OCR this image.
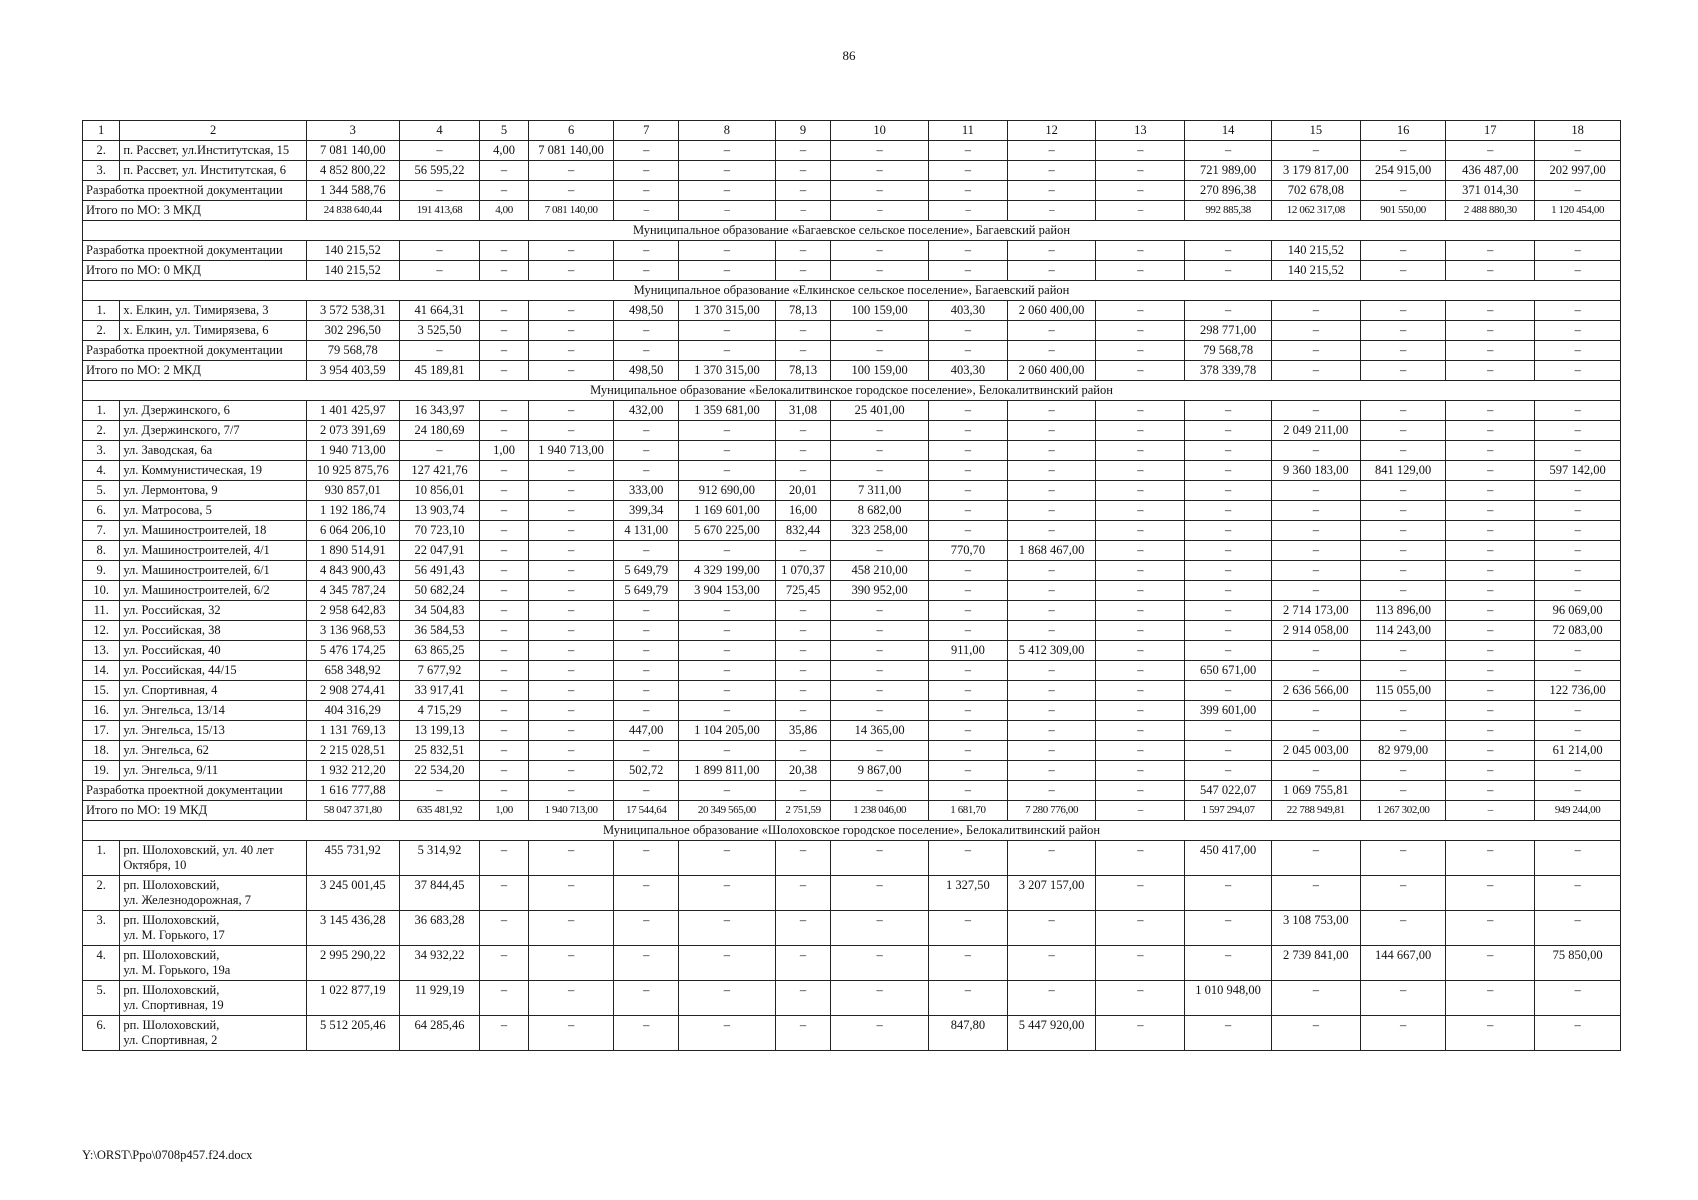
86
1	2	3	4	5	6	7	8	9	10	11	12	13	14	15	16	17	18
2.	п. Рассвет, ул.Институтская, 15	7 081 140,00	–	4,00	7 081 140,00	–	–	–	–	–	–	–	–	–	–	–	–
3.	п. Рассвет, ул. Институтская, 6	4 852 800,22	56 595,22	–	–	–	–	–	–	–	–	–	721 989,00	3 179 817,00	254 915,00	436 487,00	202 997,00
Разработка проектной документации		1 344 588,76	–	–	–	–	–	–	–	–	–	–	270 896,38	702 678,08	–	371 014,30	–
Итого по МО: 3 МКД		24 838 640,44	191 413,68	4,00	7 081 140,00	–	–	–	–	–	–	–	992 885,38	12 062 317,08	901 550,00	2 488 880,30	1 120 454,00
Муниципальное образование «Багаевское сельское поселение», Багаевский район																	
Разработка проектной документации		140 215,52	–	–	–	–	–	–	–	–	–	–	–	140 215,52	–	–	–
Итого по МО: 0 МКД		140 215,52	–	–	–	–	–	–	–	–	–	–	–	140 215,52	–	–	–
Муниципальное образование «Елкинское сельское поселение», Багаевский район																	
1.	х. Елкин, ул. Тимирязева, 3	3 572 538,31	41 664,31	–	–	498,50	1 370 315,00	78,13	100 159,00	403,30	2 060 400,00	–	–	–	–	–	–
2.	х. Елкин, ул. Тимирязева, 6	302 296,50	3 525,50	–	–	–	–	–	–	–	–	–	298 771,00	–	–	–	–
Разработка проектной документации		79 568,78	–	–	–	–	–	–	–	–	–	–	79 568,78	–	–	–	–
Итого по МО: 2 МКД		3 954 403,59	45 189,81	–	–	498,50	1 370 315,00	78,13	100 159,00	403,30	2 060 400,00	–	378 339,78	–	–	–	–
Муниципальное образование «Белокалитвинское городское поселение», Белокалитвинский район																	
1.	ул. Дзержинского, 6	1 401 425,97	16 343,97	–	–	432,00	1 359 681,00	31,08	25 401,00	–	–	–	–	–	–	–	–
2.	ул. Дзержинского, 7/7	2 073 391,69	24 180,69	–	–	–	–	–	–	–	–	–	–	2 049 211,00	–	–	–
3.	ул. Заводская, 6а	1 940 713,00	–	1,00	1 940 713,00	–	–	–	–	–	–	–	–	–	–	–	–
4.	ул. Коммунистическая, 19	10 925 875,76	127 421,76	–	–	–	–	–	–	–	–	–	–	9 360 183,00	841 129,00	–	597 142,00
5.	ул. Лермонтова, 9	930 857,01	10 856,01	–	–	333,00	912 690,00	20,01	7 311,00	–	–	–	–	–	–	–	–
6.	ул. Матросова, 5	1 192 186,74	13 903,74	–	–	399,34	1 169 601,00	16,00	8 682,00	–	–	–	–	–	–	–	–
7.	ул. Машиностроителей, 18	6 064 206,10	70 723,10	–	–	4 131,00	5 670 225,00	832,44	323 258,00	–	–	–	–	–	–	–	–
8.	ул. Машиностроителей, 4/1	1 890 514,91	22 047,91	–	–	–	–	–	–	770,70	1 868 467,00	–	–	–	–	–	–
9.	ул. Машиностроителей, 6/1	4 843 900,43	56 491,43	–	–	5 649,79	4 329 199,00	1 070,37	458 210,00	–	–	–	–	–	–	–	–
10.	ул. Машиностроителей, 6/2	4 345 787,24	50 682,24	–	–	5 649,79	3 904 153,00	725,45	390 952,00	–	–	–	–	–	–	–	–
11.	ул. Российская, 32	2 958 642,83	34 504,83	–	–	–	–	–	–	–	–	–	–	2 714 173,00	113 896,00	–	96 069,00
12.	ул. Российская, 38	3 136 968,53	36 584,53	–	–	–	–	–	–	–	–	–	–	2 914 058,00	114 243,00	–	72 083,00
13.	ул. Российская, 40	5 476 174,25	63 865,25	–	–	–	–	–	–	911,00	5 412 309,00	–	–	–	–	–	–
14.	ул. Российская, 44/15	658 348,92	7 677,92	–	–	–	–	–	–	–	–	–	650 671,00	–	–	–	–
15.	ул. Спортивная, 4	2 908 274,41	33 917,41	–	–	–	–	–	–	–	–	–	–	2 636 566,00	115 055,00	–	122 736,00
16.	ул. Энгельса, 13/14	404 316,29	4 715,29	–	–	–	–	–	–	–	–	–	399 601,00	–	–	–	–
17.	ул. Энгельса, 15/13	1 131 769,13	13 199,13	–	–	447,00	1 104 205,00	35,86	14 365,00	–	–	–	–	–	–	–	–
18.	ул. Энгельса, 62	2 215 028,51	25 832,51	–	–	–	–	–	–	–	–	–	–	2 045 003,00	82 979,00	–	61 214,00
19.	ул. Энгельса, 9/11	1 932 212,20	22 534,20	–	–	502,72	1 899 811,00	20,38	9 867,00	–	–	–	–	–	–	–	–
Разработка проектной документации		1 616 777,88	–	–	–	–	–	–	–	–	–	–	547 022,07	1 069 755,81	–	–	–
Итого по МО: 19 МКД		58 047 371,80	635 481,92	1,00	1 940 713,00	17 544,64	20 349 565,00	2 751,59	1 238 046,00	1 681,70	7 280 776,00	–	1 597 294,07	22 788 949,81	1 267 302,00	–	949 244,00
Муниципальное образование «Шолоховское городское поселение», Белокалитвинский район																	
1.	рп. Шолоховский, ул. 40 лет
Октября, 10	455 731,92	5 314,92	–	–	–	–	–	–	–	–	–	450 417,00	–	–	–	–
2.	рп. Шолоховский,
ул. Железнодорожная, 7	3 245 001,45	37 844,45	–	–	–	–	–	–	1 327,50	3 207 157,00	–	–	–	–	–	–
3.	рп. Шолоховский,
ул. М. Горького, 17	3 145 436,28	36 683,28	–	–	–	–	–	–	–	–	–	–	3 108 753,00	–	–	–
4.	рп. Шолоховский,
ул. М. Горького, 19а	2 995 290,22	34 932,22	–	–	–	–	–	–	–	–	–	–	2 739 841,00	144 667,00	–	75 850,00
5.	рп. Шолоховский,
ул. Спортивная, 19	1 022 877,19	11 929,19	–	–	–	–	–	–	–	–	–	1 010 948,00	–	–	–	–
6.	рп. Шолоховский,
ул. Спортивная, 2	5 512 205,46	64 285,46	–	–	–	–	–	–	847,80	5 447 920,00	–	–	–	–	–	–
Y:\ORST\Ppo\0708p457.f24.docx
